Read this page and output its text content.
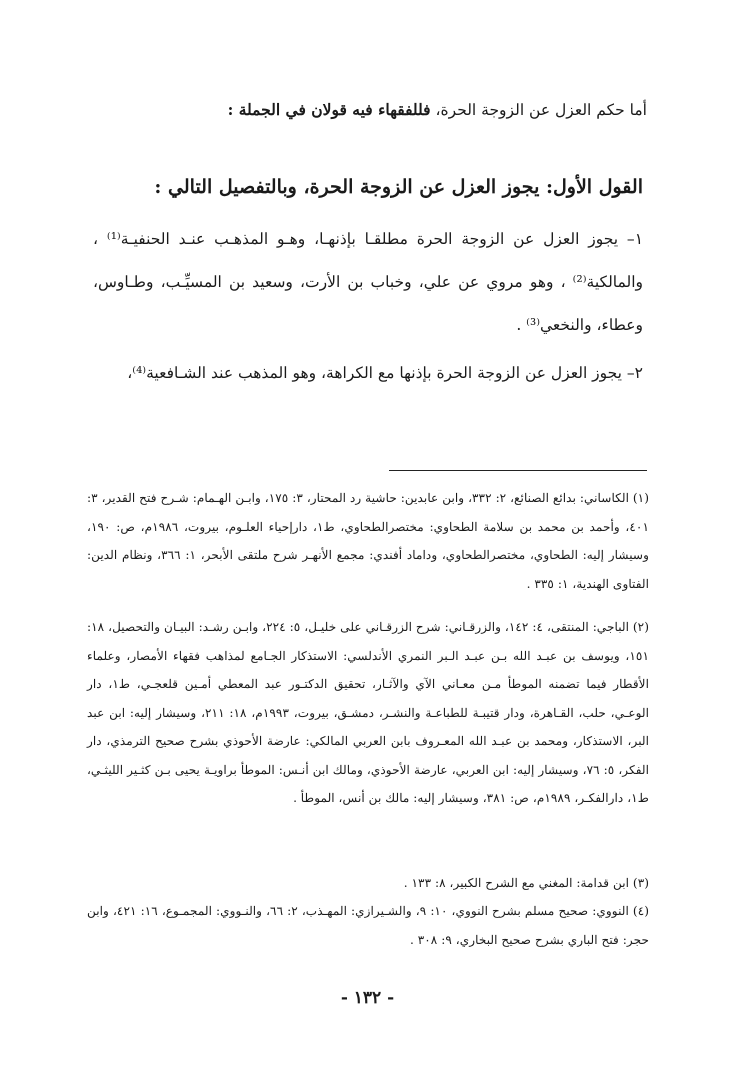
أما حكم العزل عن الزوجة الحرة، فللفقهاء فيه قولان في الجملة :
القول الأول: يجوز العزل عن الزوجة الحرة، وبالتفصيل التالي :
١– يجوز العزل عن الزوجة الحرة مطلقـا بإذنهـا، وهـو المذهـب عنـد الحنفيـة⁽¹⁾ ، والمالكية⁽²⁾ ، وهو مروي عن علي، وخباب بن الأرت، وسعيد بن المسيِّـب، وطـاوس، وعطاء، والنخعي⁽³⁾ .
٢– يجوز العزل عن الزوجة الحرة بإذنها مع الكراهة، وهو المذهب عند الشـافعية⁽⁴⁾،
(١) الكاساني: بدائع الصنائع، ٢: ٣٣٢، وابن عابدين: حاشية رد المحتار، ٣: ١٧٥، وابـن الهـمام: شـرح فتح القدير، ٣: ٤٠١، وأحمد بن محمد بن سلامة الطحاوي: مختصرالطحاوي، ط١، دارإحياء العلـوم، بيروت، ١٩٨٦م، ص: ١٩٠، وسيشار إليه: الطحاوي، مختصرالطحاوي، وداماد أفندي: مجمع الأنهـر شرح ملتقى الأبحر، ١: ٣٦٦، ونظام الدين: الفتاوى الهندية، ١: ٣٣٥ .
(٢) الباجي: المنتقى، ٤: ١٤٢، والزرقـاني: شرح الزرقـاني على خليـل، ٥: ٢٢٤، وابـن رشـد: البيـان والتحصيل، ١٨: ١٥١، ويوسف بن عبـد الله بـن عبـد الـبر النمري الأندلسي: الاستذكار الجـامع لمذاهب فقهاء الأمصار، وعلماء الأقطار فيما تضمنه الموطأ مـن معـاني الآي والآثـار، تحقيق الدكتـور عبد المعطي أمـين قلعجـي، ط١، دار الوعـي، حلب، القـاهرة، ودار قتيبـة للطباعـة والنشـر، دمشـق، بيروت، ١٩٩٣م، ١٨: ٢١١، وسيشار إليه: ابن عبد البر، الاستذكار، ومحمد بن عبـد الله المعـروف بابن العربي المالكي: عارضة الأحوذي بشرح صحيح الترمذي، دار الفكر، ٥: ٧٦، وسيشار إليه: ابن العربي، عارضة الأحوذي، ومالك ابن أنـس: الموطأ براويـة يحيى بـن كثـير الليثـي، ط١، دارالفكـر، ١٩٨٩م، ص: ٣٨١، وسيشار إليه: مالك بن أنس، الموطأ .
(٣) ابن قدامة: المغني مع الشرح الكبير، ٨: ١٣٣ .
(٤) النووي: صحيح مسلم بشرح النووي، ١٠: ٩، والشـيرازي: المهـذب، ٢: ٦٦، والنـووي: المجمـوع، ١٦: ٤٢١، وابن حجر: فتح الباري بشرح صحيح البخاري، ٩: ٣٠٨ .
- ١٣٢ -
